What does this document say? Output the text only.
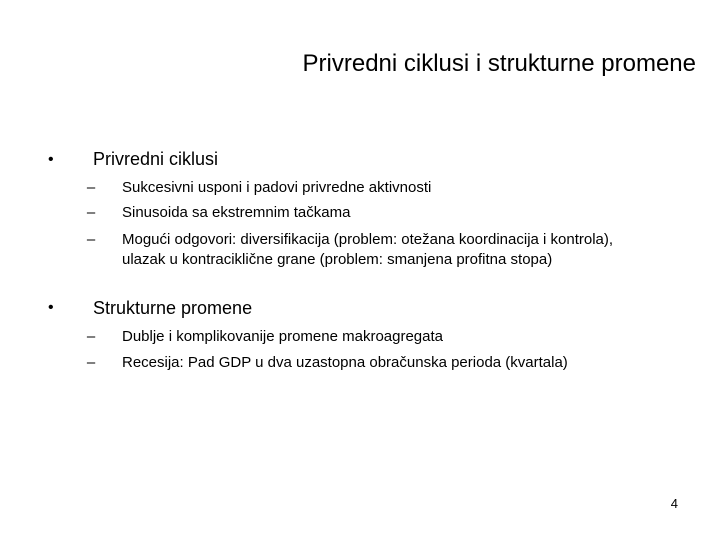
Privredni ciklusi i strukturne promene
• Privredni ciklusi
– Sukcesivni usponi i padovi privredne aktivnosti
– Sinusoida sa ekstremnim tačkama
– Mogući odgovori: diversifikacija (problem: otežana koordinacija i kontrola), ulazak u kontraciklične grane (problem: smanjena profitna stopa)
• Strukturne promene
– Dublje i komplikovanije promene makroagregata
– Recesija: Pad GDP u dva uzastopna obračunska perioda (kvartala)
4
